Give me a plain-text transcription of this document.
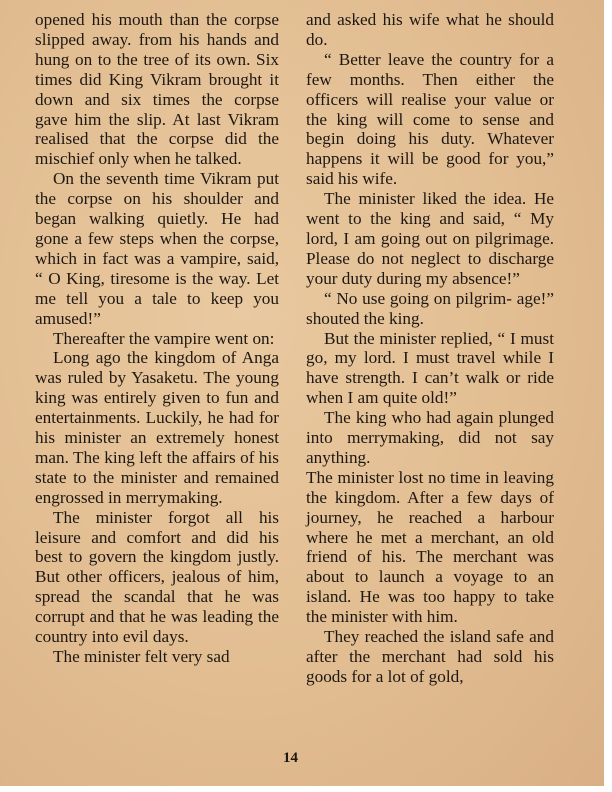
opened his mouth than the corpse slipped away. from his hands and hung on to the tree of its own. Six times did King Vikram brought it down and six times the corpse gave him the slip. At last Vikram realised that the corpse did the mischief only when he talked.

On the seventh time Vikram put the corpse on his shoulder and began walking quietly. He had gone a few steps when the corpse, which in fact was a vampire, said, “ O King, tiresome is the way. Let me tell you a tale to keep you amused!”

Thereafter the vampire went on:

Long ago the kingdom of Anga was ruled by Yasaketu. The young king was entirely given to fun and entertainments. Luckily, he had for his minister an extremely honest man. The king left the affairs of his state to the minister and remained engrossed in merrymaking.

The minister forgot all his leisure and comfort and did his best to govern the kingdom justly. But other officers, jealous of him, spread the scandal that he was corrupt and that he was leading the country into evil days.

The minister felt very sad

and asked his wife what he should do.

“ Better leave the country for a few months. Then either the officers will realise your value or the king will come to sense and begin doing his duty. Whatever happens it will be good for you,” said his wife.

The minister liked the idea. He went to the king and said, “ My lord, I am going out on pilgrimage. Please do not neglect to discharge your duty during my absence!”

“ No use going on pilgrim- age!” shouted the king.

But the minister replied, “ I must go, my lord. I must travel while I have strength. I can’t walk or ride when I am quite old!”

The king who had again plunged into merrymaking, did not say anything.

The minister lost no time in leaving the kingdom. After a few days of journey, he reached a harbour where he met a merchant, an old friend of his. The merchant was about to launch a voyage to an island. He was too happy to take the minister with him.

They reached the island safe and after the merchant had sold his goods for a lot of gold,

14
